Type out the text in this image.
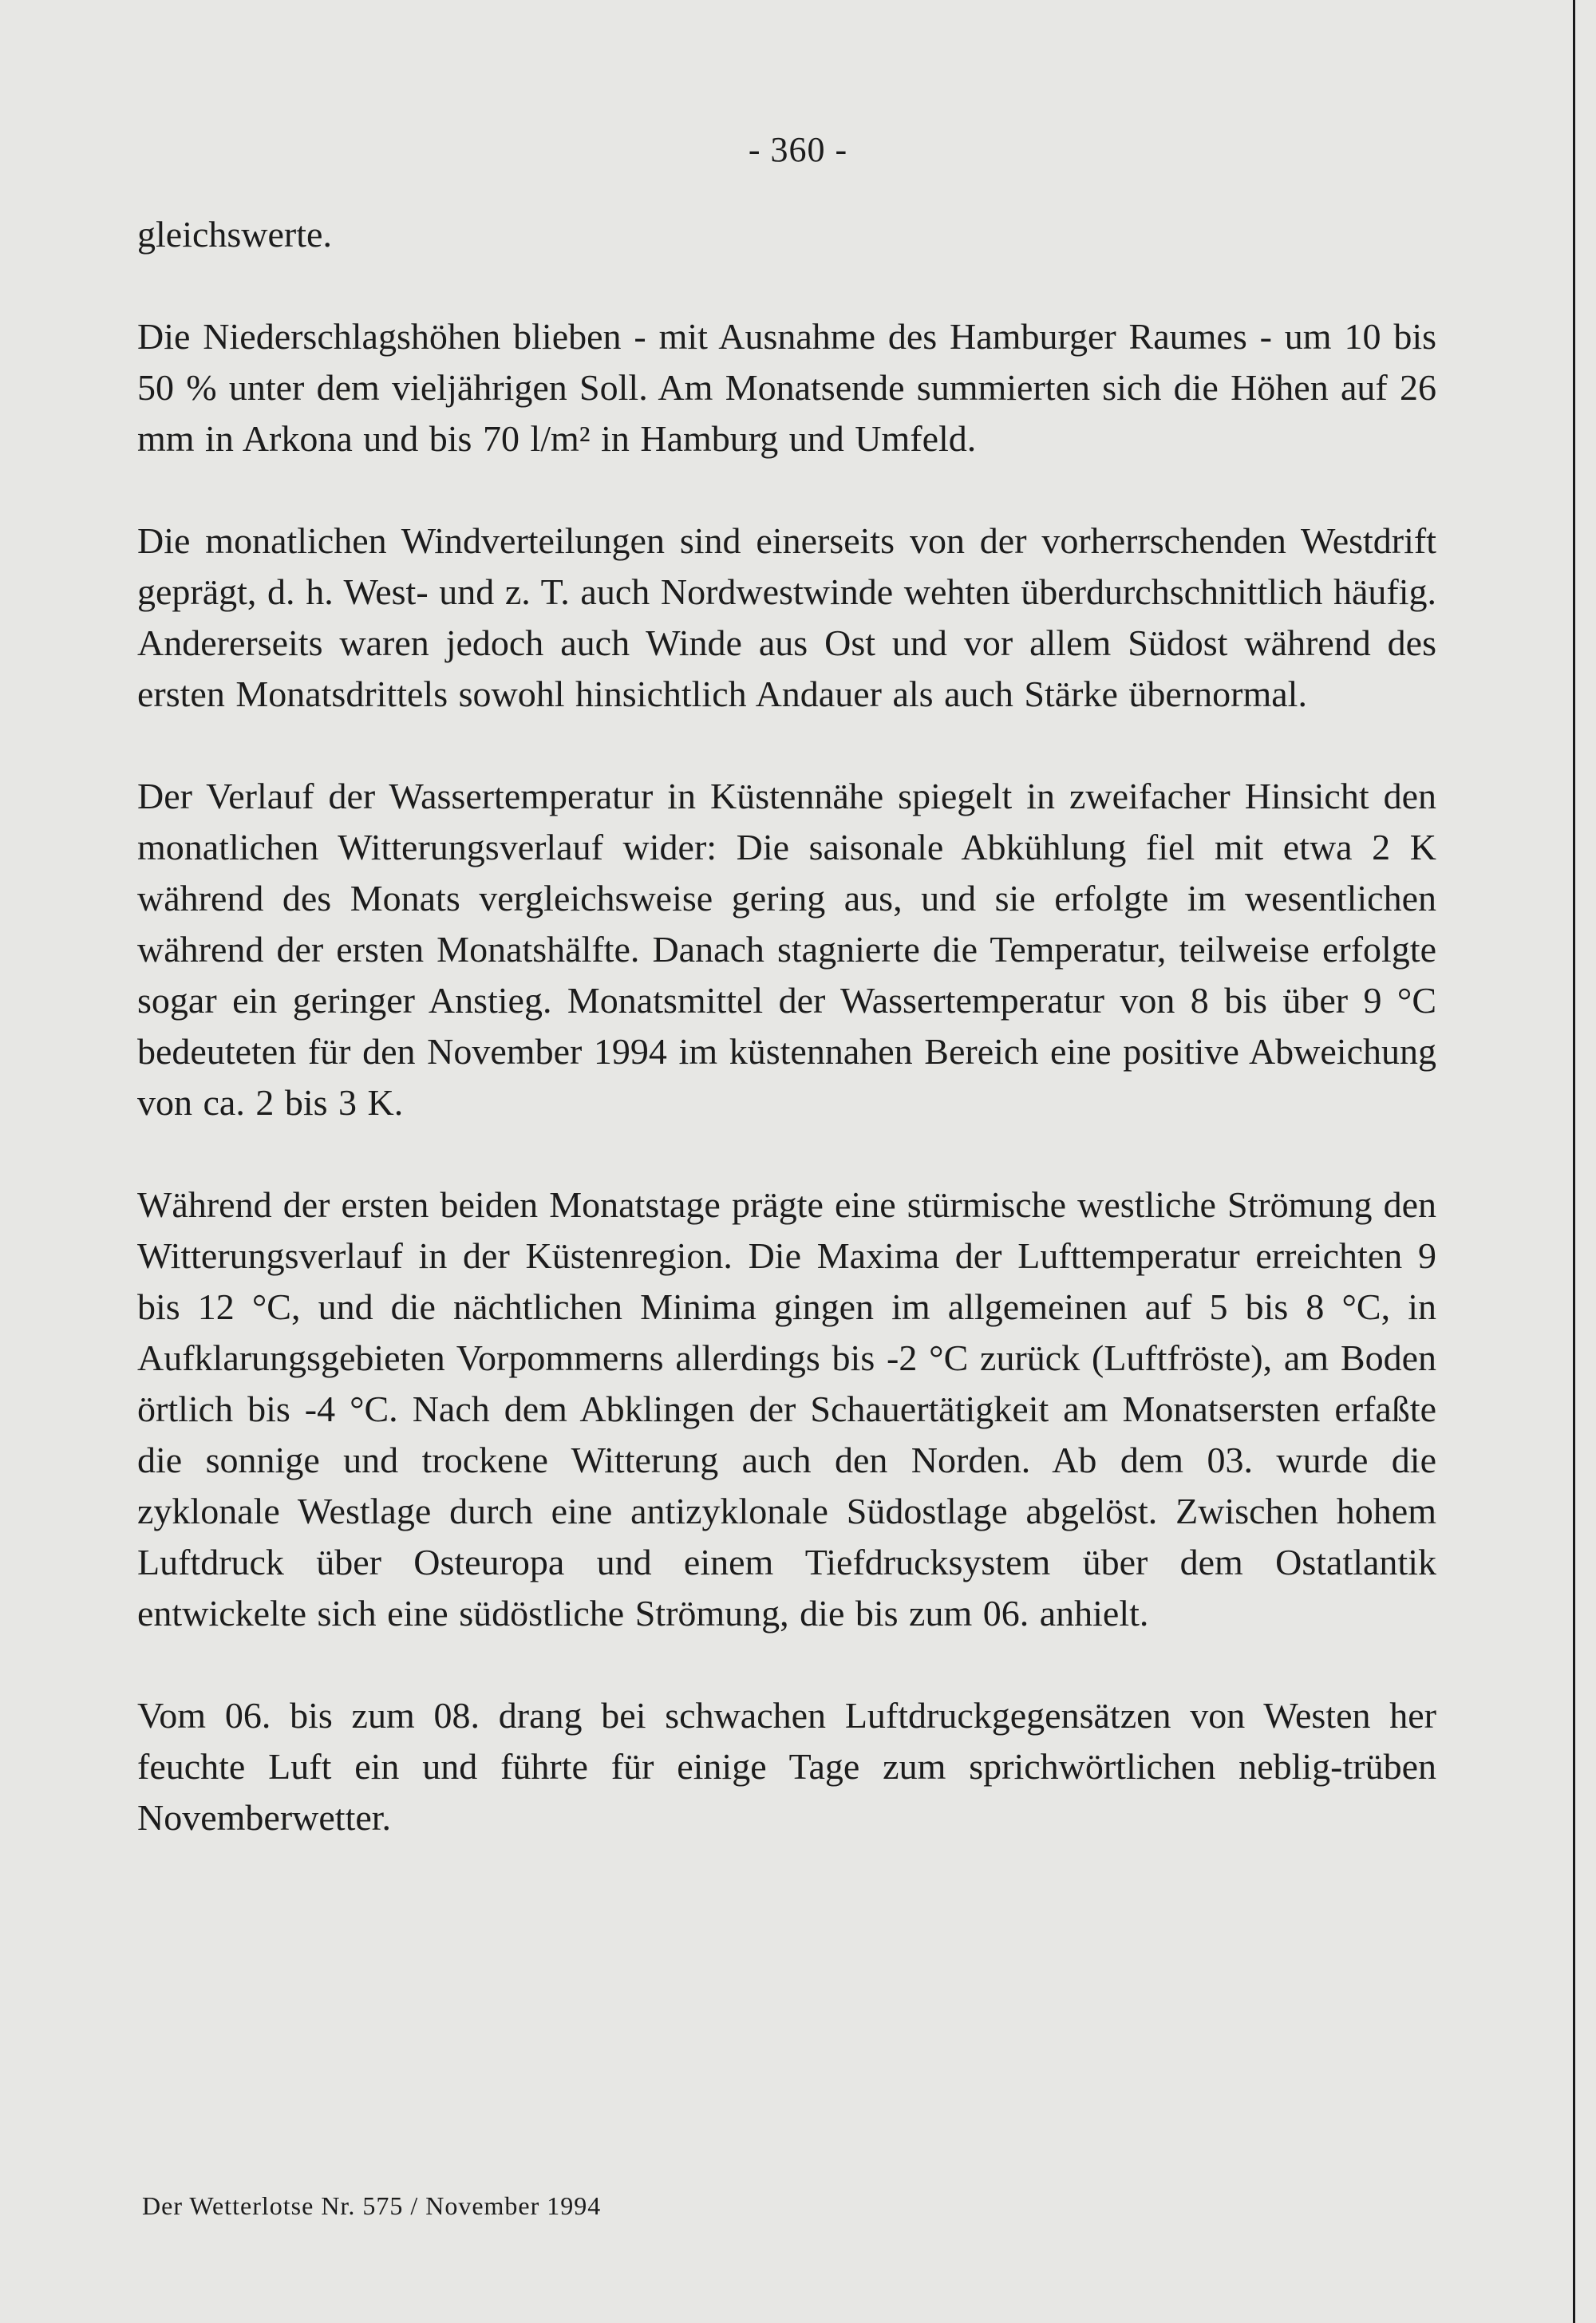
- 360 -

gleichswerte.

Die Niederschlagshöhen blieben - mit Ausnahme des Hamburger Raumes - um 10 bis 50 % unter dem vieljährigen Soll. Am Monatsende summierten sich die Höhen auf 26 mm in Arkona und bis 70 l/m² in Hamburg und Umfeld.

Die monatlichen Windverteilungen sind einerseits von der vorherrschenden Westdrift geprägt, d. h. West- und z. T. auch Nordwestwinde wehten überdurchschnittlich häufig. Andererseits waren jedoch auch Winde aus Ost und vor allem Südost während des ersten Monatsdrittels sowohl hinsichtlich Andauer als auch Stärke übernormal.

Der Verlauf der Wassertemperatur in Küstennähe spiegelt in zweifacher Hinsicht den monatlichen Witterungsverlauf wider: Die saisonale Abkühlung fiel mit etwa 2 K während des Monats vergleichsweise gering aus, und sie erfolgte im wesentlichen während der ersten Monatshälfte. Danach stagnierte die Temperatur, teilweise erfolgte sogar ein geringer Anstieg. Monatsmittel der Wassertemperatur von 8 bis über 9 °C bedeuteten für den November 1994 im küstennahen Bereich eine positive Abweichung von ca. 2 bis 3 K.

Während der ersten beiden Monatstage prägte eine stürmische westliche Strömung den Witterungsverlauf in der Küstenregion. Die Maxima der Lufttemperatur erreichten 9 bis 12 °C, und die nächtlichen Minima gingen im allgemeinen auf 5 bis 8 °C, in Aufklarungsgebieten Vorpommerns allerdings bis -2 °C zurück (Luftfröste), am Boden örtlich bis -4 °C. Nach dem Abklingen der Schauertätigkeit am Monatsersten erfaßte die sonnige und trockene Witterung auch den Norden. Ab dem 03. wurde die zyklonale Westlage durch eine antizyklonale Südostlage abgelöst. Zwischen hohem Luftdruck über Osteuropa und einem Tiefdrucksystem über dem Ostatlantik entwickelte sich eine südöstliche Strömung, die bis zum 06. anhielt.

Vom 06. bis zum 08. drang bei schwachen Luftdruckgegensätzen von Westen her feuchte Luft ein und führte für einige Tage zum sprichwörtlichen neblig-trüben Novemberwetter.

Der Wetterlotse Nr. 575 / November 1994
